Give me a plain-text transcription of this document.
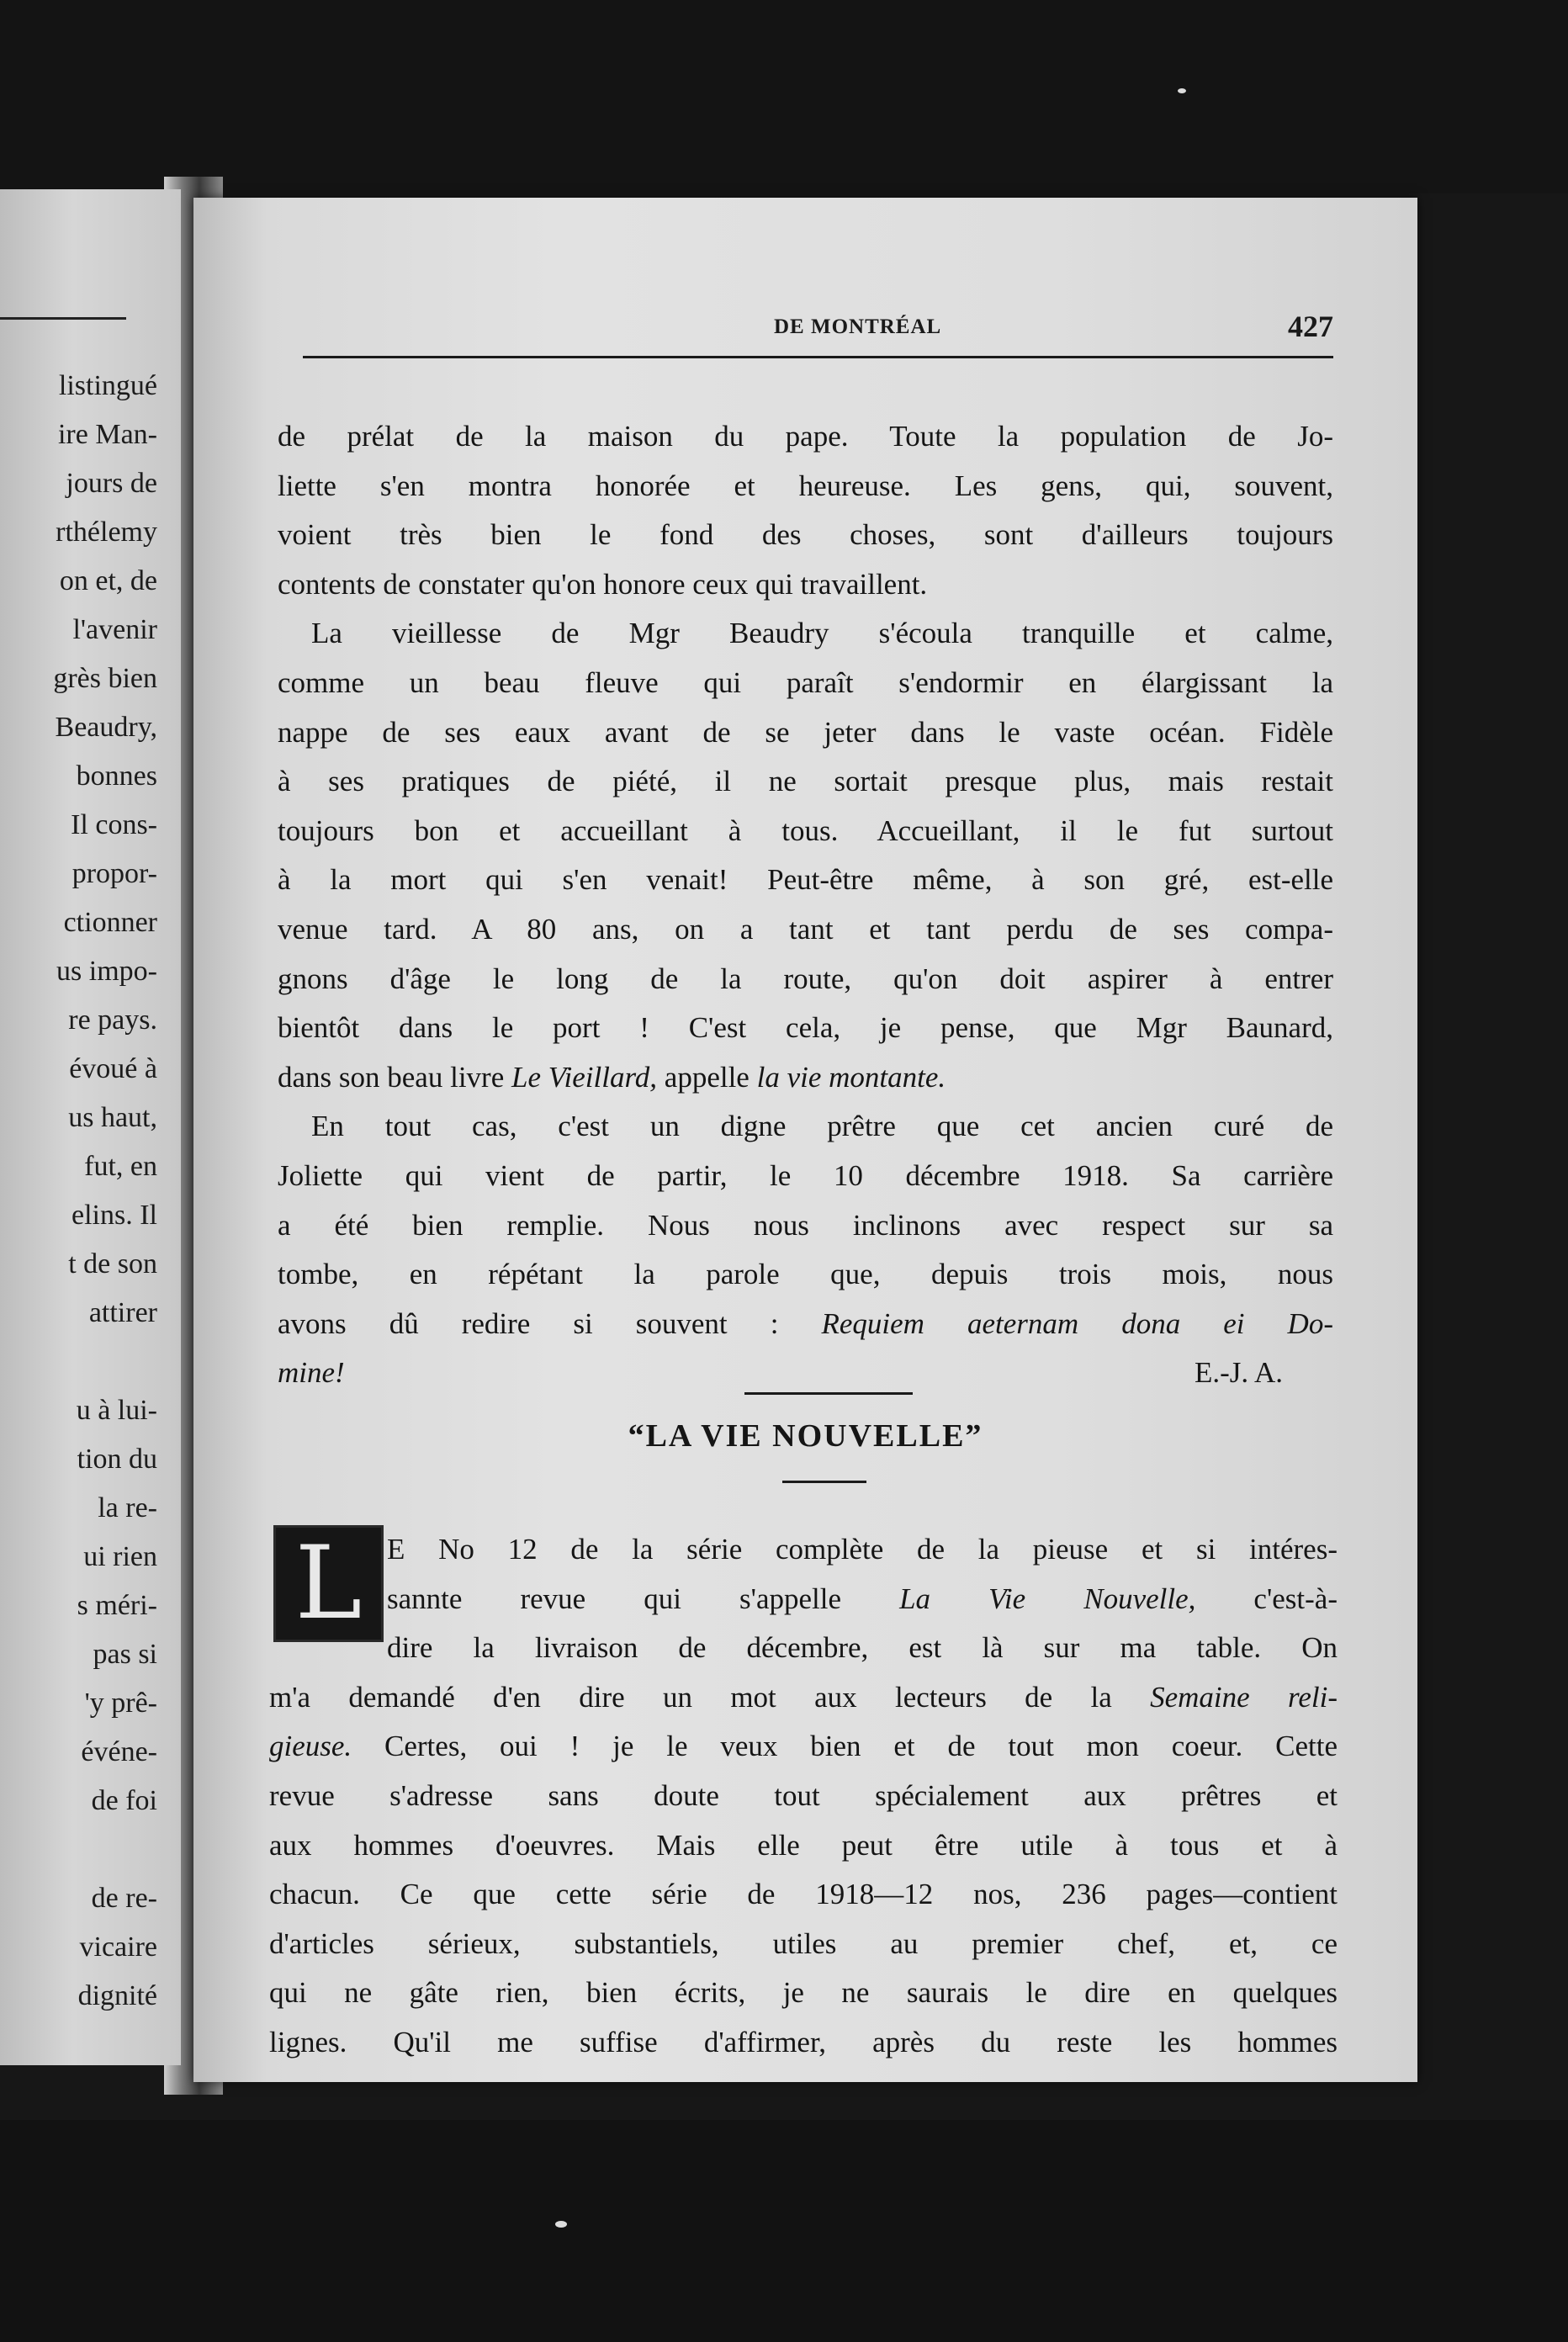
listingué
ire Man-
jours de
rthélemy
on et, de
l'avenir
grès bien
Beaudry,
bonnes
Il cons-
propor-
ctionner
us impo-
re pays.
évoué à
us haut,
fut, en
elins. Il
t de son
attirer
u à lui-
tion du
la re-
ui rien
s méri-
pas si
'y prê-
événe-
de foi
de re-
vicaire
dignité
DE MONTRÉAL	427
de prélat de la maison du pape. Toute la population de Jo-
liette s'en montra honorée et heureuse. Les gens, qui, souvent,
voient très bien le fond des choses, sont d'ailleurs toujours
contents de constater qu'on honore ceux qui travaillent.
La vieillesse de Mgr Beaudry s'écoula tranquille et calme,
comme un beau fleuve qui paraît s'endormir en élargissant la
nappe de ses eaux avant de se jeter dans le vaste océan. Fidèle
à ses pratiques de piété, il ne sortait presque plus, mais restait
toujours bon et accueillant à tous. Accueillant, il le fut surtout
à la mort qui s'en venait! Peut-être même, à son gré, est-elle
venue tard. A 80 ans, on a tant et tant perdu de ses compa-
gnons d'âge le long de la route, qu'on doit aspirer à entrer
bientôt dans le port ! C'est cela, je pense, que Mgr Baunard,
dans son beau livre Le Vieillard, appelle la vie montante.
En tout cas, c'est un digne prêtre que cet ancien curé de
Joliette qui vient de partir, le 10 décembre 1918. Sa carrière
a été bien remplie. Nous nous inclinons avec respect sur sa
tombe, en répétant la parole que, depuis trois mois, nous
avons dû redire si souvent : Requiem aeternam dona ei Do-
mine!	E.-J. A.
“LA VIE NOUVELLE”
L E No 12 de la série complète de la pieuse et si intéres-
sannte revue qui s'appelle La Vie Nouvelle, c'est-à-
dire la livraison de décembre, est là sur ma table. On
m'a demandé d'en dire un mot aux lecteurs de la Semaine reli-
gieuse. Certes, oui ! je le veux bien et de tout mon coeur. Cette
revue s'adresse sans doute tout spécialement aux prêtres et
aux hommes d'oeuvres. Mais elle peut être utile à tous et à
chacun. Ce que cette série de 1918—12 nos, 236 pages—contient
d'articles sérieux, substantiels, utiles au premier chef, et, ce
qui ne gâte rien, bien écrits, je ne saurais le dire en quelques
lignes. Qu'il me suffise d'affirmer, après du reste les hommes
